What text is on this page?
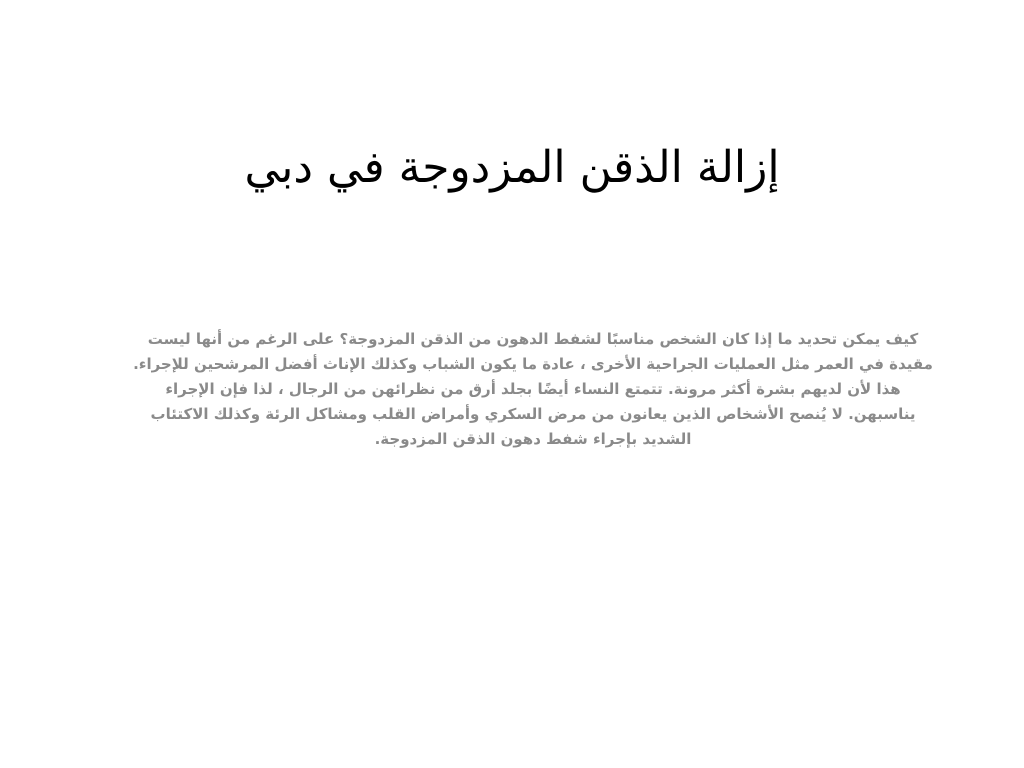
إزالة الذقن المزدوجة في دبي
كيف يمكن تحديد ما إذا كان الشخص مناسبًا لشفط الدهون من الذقن المزدوجة؟ على الرغم من أنها ليست مقيدة في العمر مثل العمليات الجراحية الأخرى ، عادة ما يكون الشباب وكذلك الإناث أفضل المرشحين للإجراء. هذا لأن لديهم بشرة أكثر مرونة. تتمتع النساء أيضًا بجلد أرق من نظرائهن من الرجال ، لذا فإن الإجراء يناسبهن. لا يُنصح الأشخاص الذين يعانون من مرض السكري وأمراض القلب ومشاكل الرئة وكذلك الاكتئاب الشديد بإجراء شفط دهون الذقن المزدوجة.
